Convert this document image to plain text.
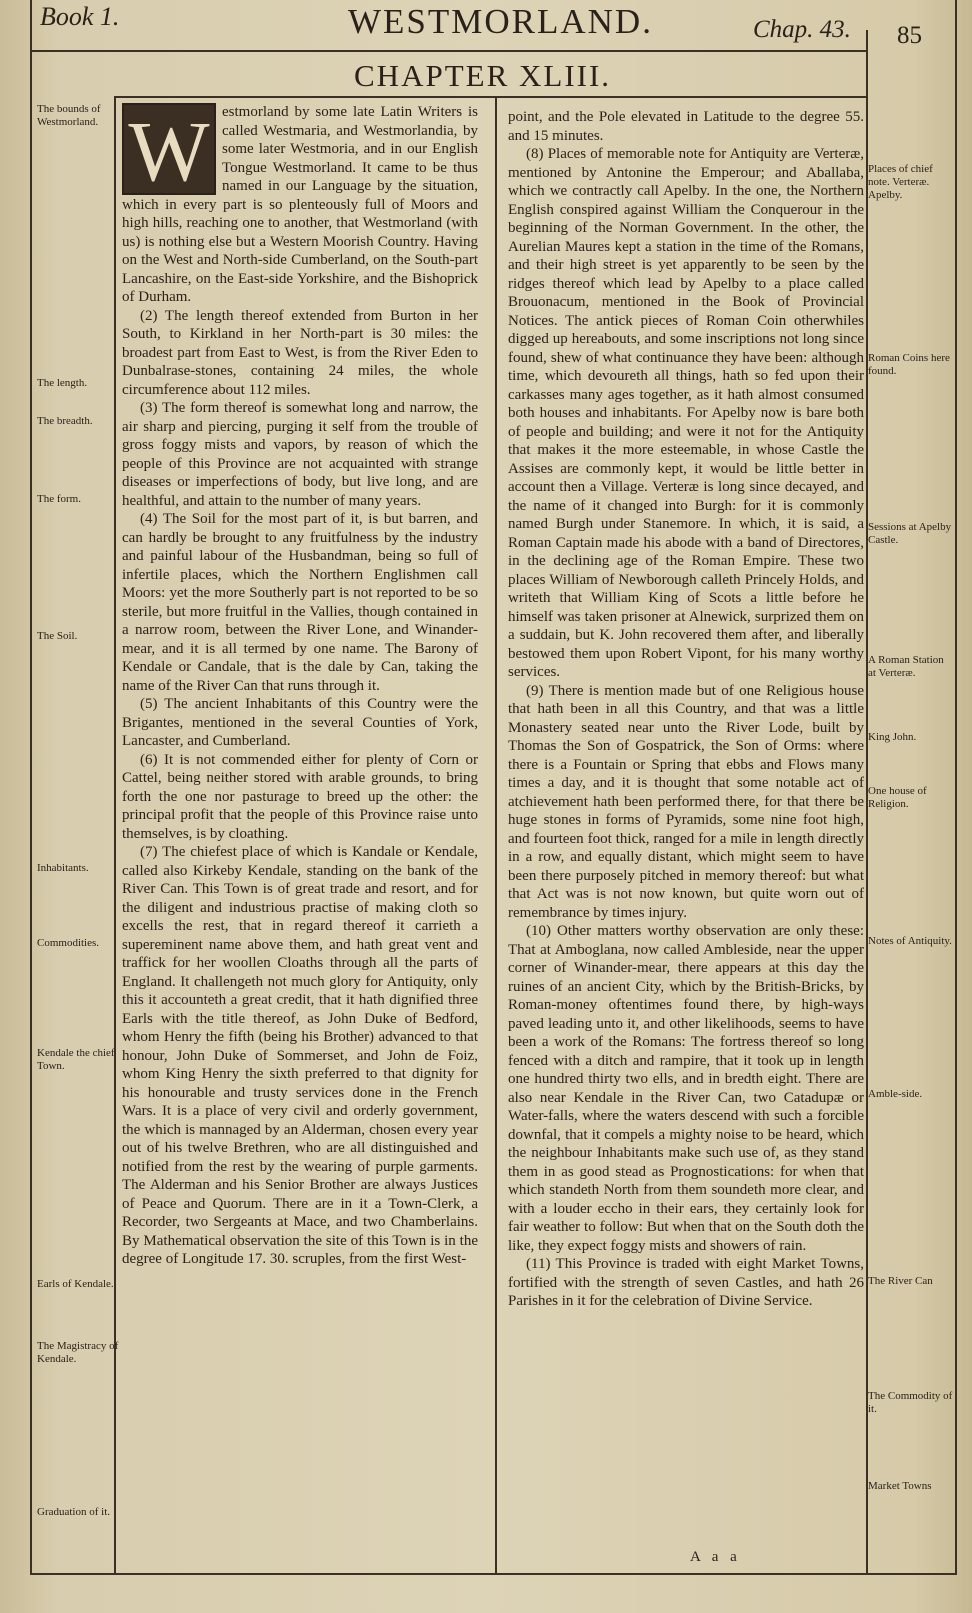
Book 1.	WESTMORLAND.	Chap. 43. 85
CHAPTER XLIII.
The bounds of Westmorland.
The length.
The breadth.
The form.
The Soil.
Inhabitants.
Commodities.
Kendale the chief Town.
Earls of Kendale.
The Magistracy of Kendale.
Graduation of it.
Places of chief note. Verteræ. Apelby.
Roman Coins here found.
Sessions at Apelby Castle.
A Roman Station at Verteræ.
King John.
One house of Religion.
Notes of Antiquity.
Amble-side.
The River Can
The Commodity of it.
Market Towns
W estmorland by some late Latin Writers is called Westmaria, and Westmorlandia, by some later Westmoria, and in our English Tongue Westmorland. It came to be thus named in our Language by the situation, which in every part is so plenteously full of Moors and high hills, reaching one to another, that Westmorland (with us) is nothing else but a Western Moorish Country. Having on the West and North-side Cumberland, on the South-part Lancashire, on the East-side Yorkshire, and the Bishoprick of Durham.

(2) The length thereof extended from Burton in her South, to Kirkland in her North-part is 30 miles: the broadest part from East to West, is from the River Eden to Dunbalrase-stones, containing 24 miles, the whole circumference about 112 miles.

(3) The form thereof is somewhat long and narrow, the air sharp and piercing, purging it self from the trouble of gross foggy mists and vapors, by reason of which the people of this Province are not acquainted with strange diseases or imperfections of body, but live long, and are healthful, and attain to the number of many years.

(4) The Soil for the most part of it, is but barren, and can hardly be brought to any fruitfulness by the industry and painful labour of the Husbandman, being so full of infertile places, which the Northern Englishmen call Moors: yet the more Southerly part is not reported to be so sterile, but more fruitful in the Vallies, though contained in a narrow room, between the River Lone, and Winander-mear, and it is all termed by one name. The Barony of Kendale or Candale, that is the dale by Can, taking the name of the River Can that runs through it.

(5) The ancient Inhabitants of this Country were the Brigantes, mentioned in the several Counties of York, Lancaster, and Cumberland.

(6) It is not commended either for plenty of Corn or Cattel, being neither stored with arable grounds, to bring forth the one nor pasturage to breed up the other: the principal profit that the people of this Province raise unto themselves, is by cloathing.

(7) The chiefest place of which is Kandale or Kendale, called also Kirkeby Kendale, standing on the bank of the River Can. This Town is of great trade and resort, and for the diligent and industrious practise of making cloth so excells the rest, that in regard thereof it carrieth a supereminent name above them, and hath great vent and traffick for her woollen Cloaths through all the parts of England. It challengeth not much glory for Antiquity, only this it accounteth a great credit, that it hath dignified three Earls with the title thereof, as John Duke of Bedford, whom Henry the fifth (being his Brother) advanced to that honour, John Duke of Sommerset, and John de Foiz, whom King Henry the sixth preferred to that dignity for his honourable and trusty services done in the French Wars. It is a place of very civil and orderly government, the which is mannaged by an Alderman, chosen every year out of his twelve Brethren, who are all distinguished and notified from the rest by the wearing of purple garments. The Alderman and his Senior Brother are always Justices of Peace and Quorum. There are in it a Town-Clerk, a Recorder, two Sergeants at Mace, and two Chamberlains. By Mathematical observation the site of this Town is in the degree of Longitude 17. 30. scruples, from the first West-

point, and the Pole elevated in Latitude to the degree 55. and 15 minutes.

(8) Places of memorable note for Antiquity are Verteræ, mentioned by Antonine the Emperour; and Aballaba, which we contractly call Apelby. In the one, the Northern English conspired against William the Conquerour in the beginning of the Norman Government. In the other, the Aurelian Maures kept a station in the time of the Romans, and their high street is yet apparently to be seen by the ridges thereof which lead by Apelby to a place called Brouonacum, mentioned in the Book of Provincial Notices. The antick pieces of Roman Coin otherwhiles digged up hereabouts, and some inscriptions not long since found, shew of what continuance they have been: although time, which devoureth all things, hath so fed upon their carkasses many ages together, as it hath almost consumed both houses and inhabitants. For Apelby now is bare both of people and building; and were it not for the Antiquity that makes it the more esteemable, in whose Castle the Assises are commonly kept, it would be little better in account then a Village. Verteræ is long since decayed, and the name of it changed into Burgh: for it is commonly named Burgh under Stanemore. In which, it is said, a Roman Captain made his abode with a band of Directores, in the declining age of the Roman Empire. These two places William of Newborough calleth Princely Holds, and writeth that William King of Scots a little before he himself was taken prisoner at Alnewick, surprized them on a suddain, but K. John recovered them after, and liberally bestowed them upon Robert Vipont, for his many worthy services.

(9) There is mention made but of one Religious house that hath been in all this Country, and that was a little Monastery seated near unto the River Lode, built by Thomas the Son of Gospatrick, the Son of Orms: where there is a Fountain or Spring that ebbs and Flows many times a day, and it is thought that some notable act of atchievement hath been performed there, for that there be huge stones in forms of Pyramids, some nine foot high, and fourteen foot thick, ranged for a mile in length directly in a row, and equally distant, which might seem to have been there purposely pitched in memory thereof: but what that Act was is not now known, but quite worn out of remembrance by times injury.

(10) Other matters worthy observation are only these: That at Amboglana, now called Ambleside, near the upper corner of Winander-mear, there appears at this day the ruines of an ancient City, which by the British-Bricks, by Roman-money oftentimes found there, by high-ways paved leading unto it, and other likelihoods, seems to have been a work of the Romans: The fortress thereof so long fenced with a ditch and rampire, that it took up in length one hundred thirty two ells, and in bredth eight. There are also near Kendale in the River Can, two Catadupæ or Water-falls, where the waters descend with such a forcible downfal, that it compels a mighty noise to be heard, which the neighbour Inhabitants make such use of, as they stand them in as good stead as Prognostications: for when that which standeth North from them soundeth more clear, and with a louder eccho in their ears, they certainly look for fair weather to follow: But when that on the South doth the like, they expect foggy mists and showers of rain.

(11) This Province is traded with eight Market Towns, fortified with the strength of seven Castles, and hath 26 Parishes in it for the celebration of Divine Service.

A a a
